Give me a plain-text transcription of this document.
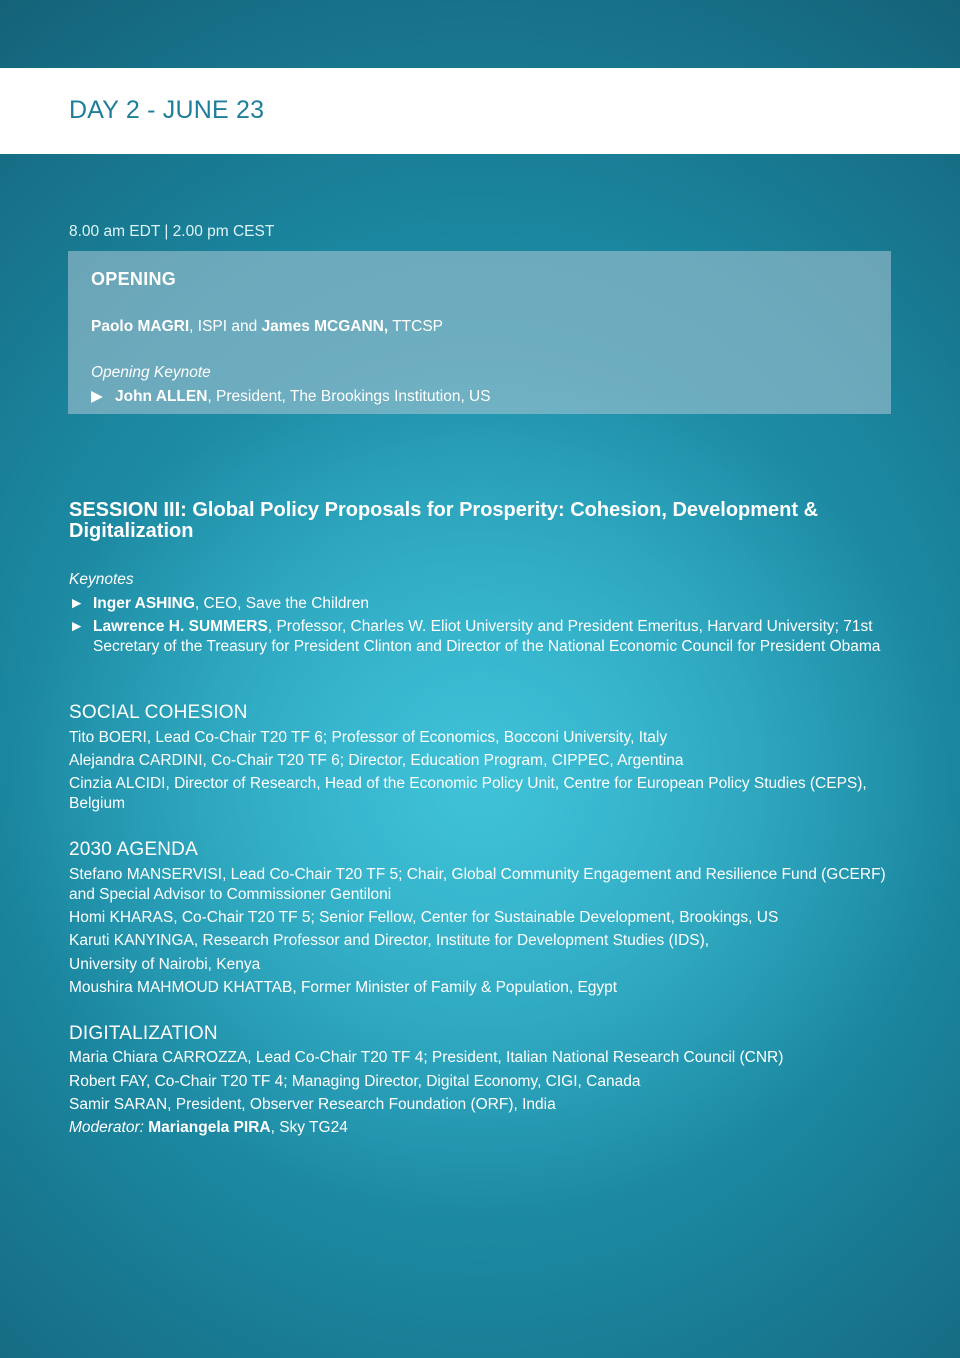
DAY 2 - JUNE 23
8.00 am EDT | 2.00 pm CEST
OPENING
Paolo MAGRI, ISPI and James MCGANN, TTCSP
Opening Keynote
▶ John ALLEN, President, The Brookings Institution, US
SESSION III: Global Policy Proposals for Prosperity: Cohesion, Development & Digitalization
Keynotes
► Inger ASHING, CEO, Save the Children
► Lawrence H. SUMMERS, Professor, Charles W. Eliot University and President Emeritus, Harvard University; 71st Secretary of the Treasury for President Clinton and Director of the National Economic Council for President Obama
SOCIAL COHESION
Tito BOERI, Lead Co-Chair T20 TF 6; Professor of Economics, Bocconi University, Italy
Alejandra CARDINI, Co-Chair T20 TF 6; Director, Education Program, CIPPEC, Argentina
Cinzia ALCIDI, Director of Research, Head of the Economic Policy Unit, Centre for European Policy Studies (CEPS), Belgium
2030 AGENDA
Stefano MANSERVISI, Lead Co-Chair T20 TF 5; Chair, Global Community Engagement and Resilience Fund (GCERF) and Special Advisor to Commissioner Gentiloni
Homi KHARAS, Co-Chair T20 TF 5; Senior Fellow, Center for Sustainable Development, Brookings, US
Karuti KANYINGA, Research Professor and Director, Institute for Development Studies (IDS),
University of Nairobi, Kenya
Moushira MAHMOUD KHATTAB, Former Minister of Family & Population, Egypt
DIGITALIZATION
Maria Chiara CARROZZA, Lead Co-Chair T20 TF 4; President, Italian National Research Council (CNR)
Robert FAY, Co-Chair T20 TF 4; Managing Director, Digital Economy, CIGI, Canada
Samir SARAN, President, Observer Research Foundation (ORF), India
Moderator: Mariangela PIRA, Sky TG24
